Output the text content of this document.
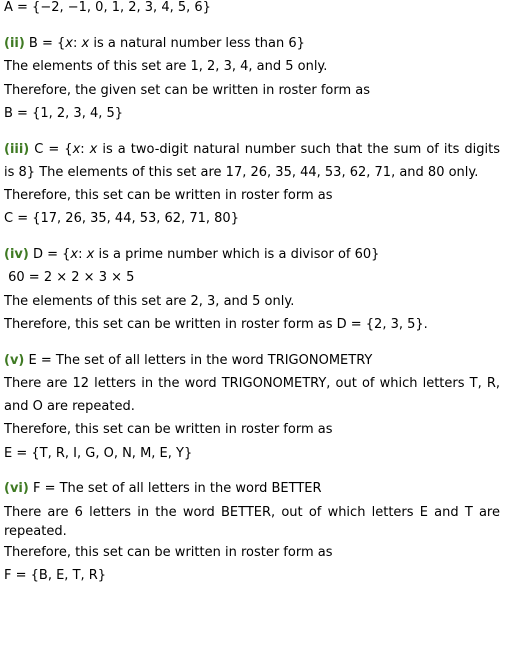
A = {−2, −1, 0, 1, 2, 3, 4, 5, 6}
(ii) B = {x: x is a natural number less than 6}
The elements of this set are 1, 2, 3, 4, and 5 only.
Therefore, the given set can be written in roster form as
B = {1, 2, 3, 4, 5}
(iii) C = {x: x is a two-digit natural number such that the sum of its digits is 8} The elements of this set are 17, 26, 35, 44, 53, 62, 71, and 80 only.
Therefore, this set can be written in roster form as
C = {17, 26, 35, 44, 53, 62, 71, 80}
(iv) D = {x: x is a prime number which is a divisor of 60}
60 = 2 × 2 × 3 × 5
The elements of this set are 2, 3, and 5 only.
Therefore, this set can be written in roster form as D = {2, 3, 5}.
(v) E = The set of all letters in the word TRIGONOMETRY
There are 12 letters in the word TRIGONOMETRY, out of which letters T, R, and O are repeated.
Therefore, this set can be written in roster form as
E = {T, R, I, G, O, N, M, E, Y}
(vi) F = The set of all letters in the word BETTER
There are 6 letters in the word BETTER, out of which letters E and T are repeated.
Therefore, this set can be written in roster form as
F = {B, E, T, R}
